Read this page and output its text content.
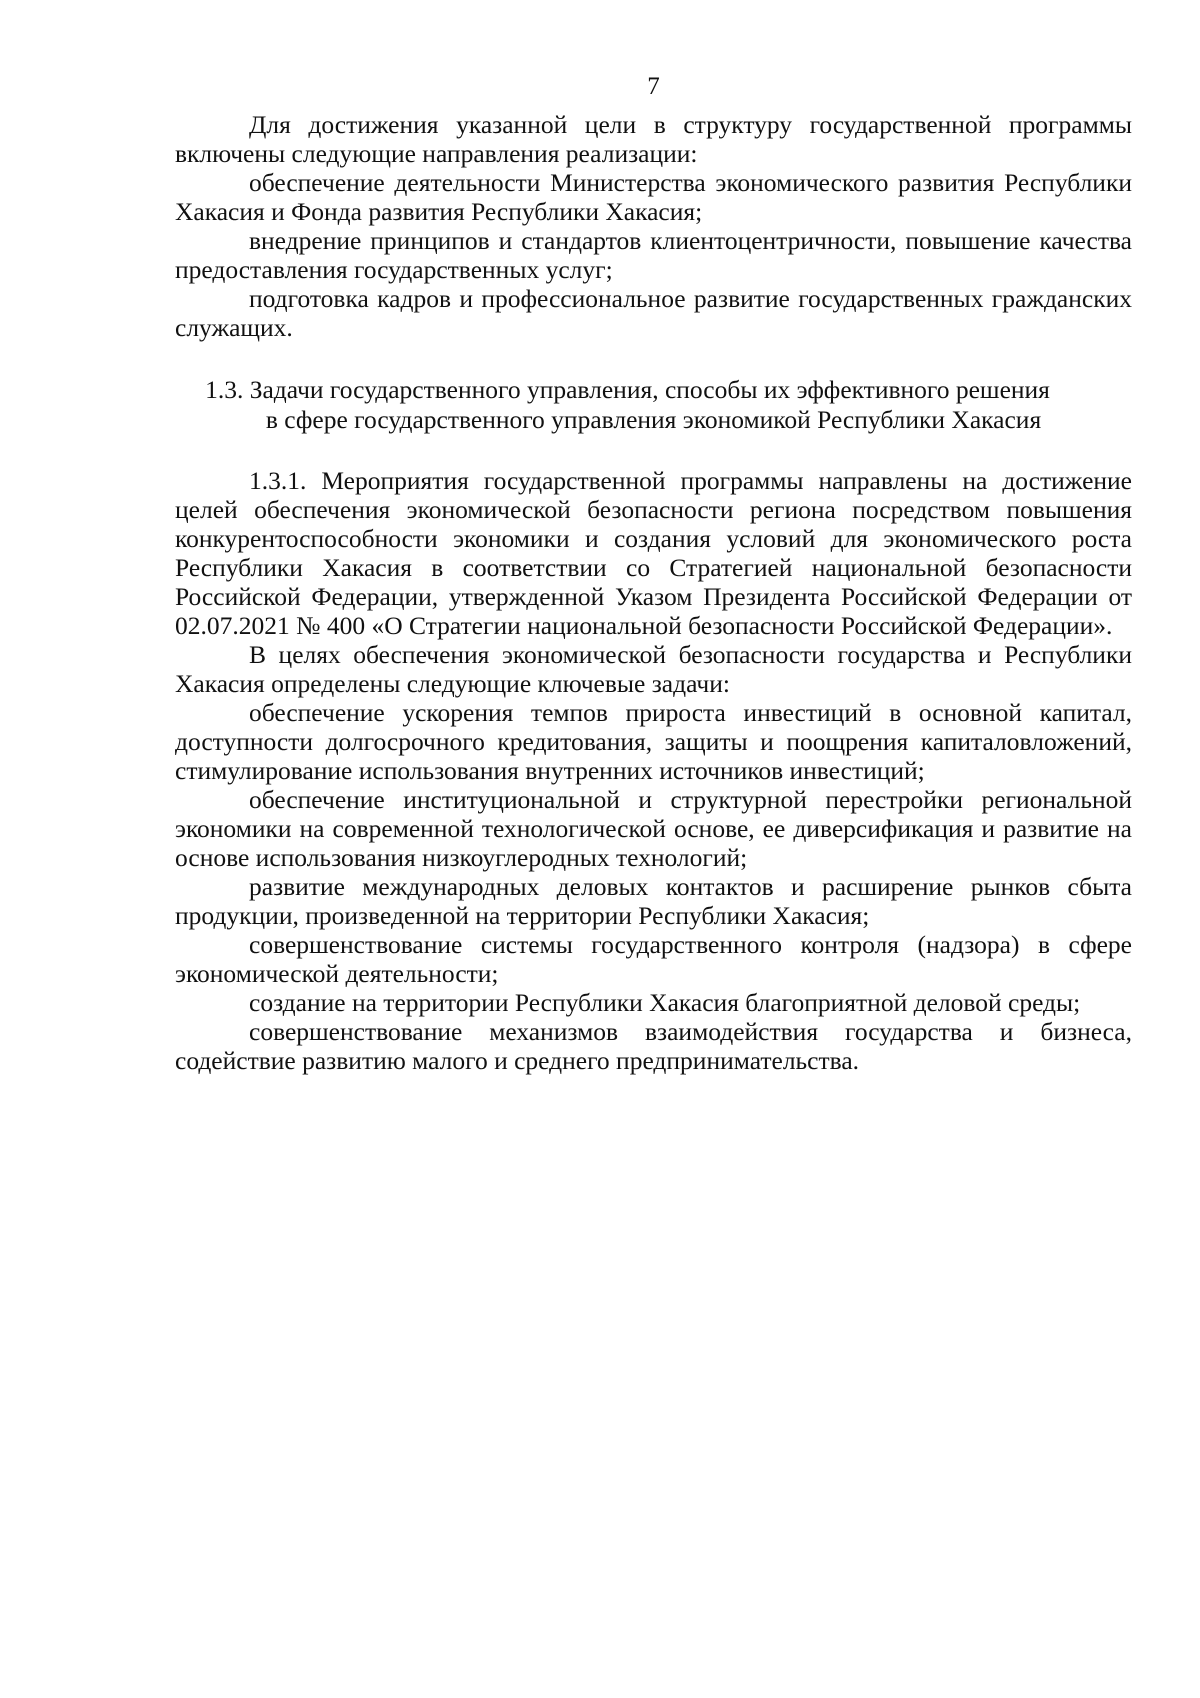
7

Для достижения указанной цели в структуру государственной программы включены следующие направления реализации:

обеспечение деятельности Министерства экономического развития Республики Хакасия и Фонда развития Республики Хакасия;

внедрение принципов и стандартов клиентоцентричности, повышение качества предоставления государственных услуг;

подготовка кадров и профессиональное развитие государственных гражданских служащих.

1.3. Задачи государственного управления, способы их эффективного решения
в сфере государственного управления экономикой Республики Хакасия

1.3.1. Мероприятия государственной программы направлены на достижение целей обеспечения экономической безопасности региона посредством повышения конкурентоспособности экономики и создания условий для экономического роста Республики Хакасия в соответствии со Стратегией национальной безопасности Российской Федерации, утвержденной Указом Президента Российской Федерации от 02.07.2021 № 400 «О Стратегии национальной безопасности Российской Федерации».

В целях обеспечения экономической безопасности государства и Республики Хакасия определены следующие ключевые задачи:

обеспечение ускорения темпов прироста инвестиций в основной капитал, доступности долгосрочного кредитования, защиты и поощрения капиталовложений, стимулирование использования внутренних источников инвестиций;

обеспечение институциональной и структурной перестройки региональной экономики на современной технологической основе, ее диверсификация и развитие на основе использования низкоуглеродных технологий;

развитие международных деловых контактов и расширение рынков сбыта продукции, произведенной на территории Республики Хакасия;

совершенствование системы государственного контроля (надзора) в сфере экономической деятельности;

создание на территории Республики Хакасия благоприятной деловой среды;

совершенствование механизмов взаимодействия государства и бизнеса, содействие развитию малого и среднего предпринимательства.
